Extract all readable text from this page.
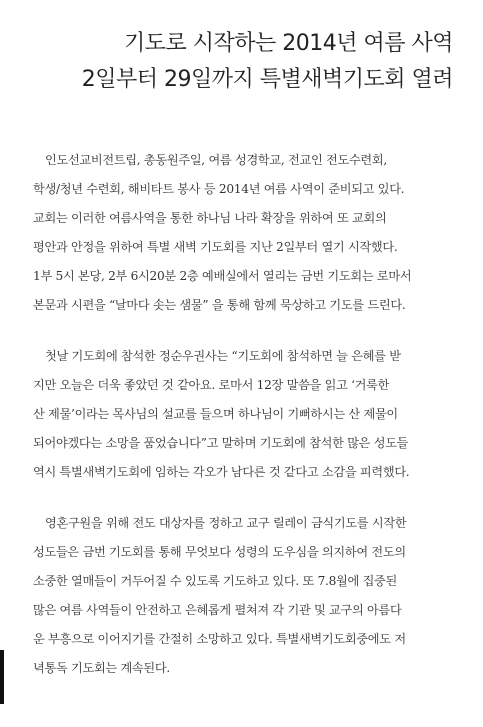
기도로 시작하는 2014년 여름 사역
2일부터 29일까지 특별새벽기도회 열려

인도선교비전트립, 총동원주일, 여름 성경학교, 전교인 전도수련회,
학생/청년 수련회, 해비타트 봉사 등 2014년 여름 사역이 준비되고 있다.
교회는 이러한 여름사역을 통한 하나님 나라 확장을 위하여 또 교회의
평안과 안정을 위하여 특별 새벽 기도회를 지난 2일부터 열기 시작했다.
1부 5시 본당, 2부 6시20분 2층 예배실에서 열리는 금번 기도회는 로마서
본문과 시편을 “날마다 솟는 샘물” 을 통해 함께 묵상하고 기도를 드린다.

첫날 기도회에 참석한 정순우권사는 “기도회에 참석하면 늘 은혜를 받
지만 오늘은 더욱 좋았던 것 같아요. 로마서 12장 말씀을 읽고 ‘거룩한
산 제물’이라는 목사님의 설교를 들으며 하나님이 기뻐하시는 산 제물이
되어야겠다는 소망을 품었습니다”고 말하며 기도회에 참석한 많은 성도들
역시 특별새벽기도회에 임하는 각오가 남다른 것 같다고 소감을 피력했다.

영혼구원을 위해 전도 대상자를 정하고 교구 릴레이 금식기도를 시작한
성도들은 금번 기도회를 통해 무엇보다 성령의 도우심을 의지하여 전도의
소중한 열매들이 거두어질 수 있도록 기도하고 있다. 또 7.8월에 집중된
많은 여름 사역들이 안전하고 은혜롭게 펼쳐져 각 기관 및 교구의 아름다
운 부흥으로 이어지기를 간절히 소망하고 있다. 특별새벽기도회중에도 저
녁통독 기도회는 계속된다.
